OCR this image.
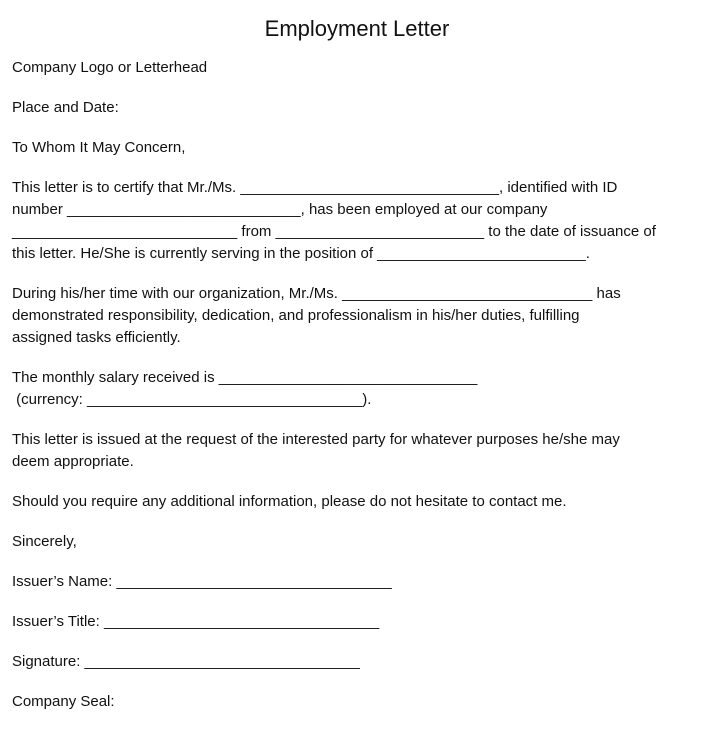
Employment Letter

Company Logo or Letterhead

Place and Date:

To Whom It May Concern,

This letter is to certify that Mr./Ms. _______________________________, identified with ID
number ____________________________, has been employed at our company
___________________________ from _________________________ to the date of issuance of
this letter. He/She is currently serving in the position of _________________________.

During his/her time with our organization, Mr./Ms. ______________________________ has
demonstrated responsibility, dedication, and professionalism in his/her duties, fulfilling
assigned tasks efficiently.

The monthly salary received is _______________________________
(currency: _________________________________).

This letter is issued at the request of the interested party for whatever purposes he/she may
deem appropriate.

Should you require any additional information, please do not hesitate to contact me.

Sincerely,

Issuer’s Name: _________________________________

Issuer’s Title: _________________________________

Signature: _________________________________

Company Seal:
